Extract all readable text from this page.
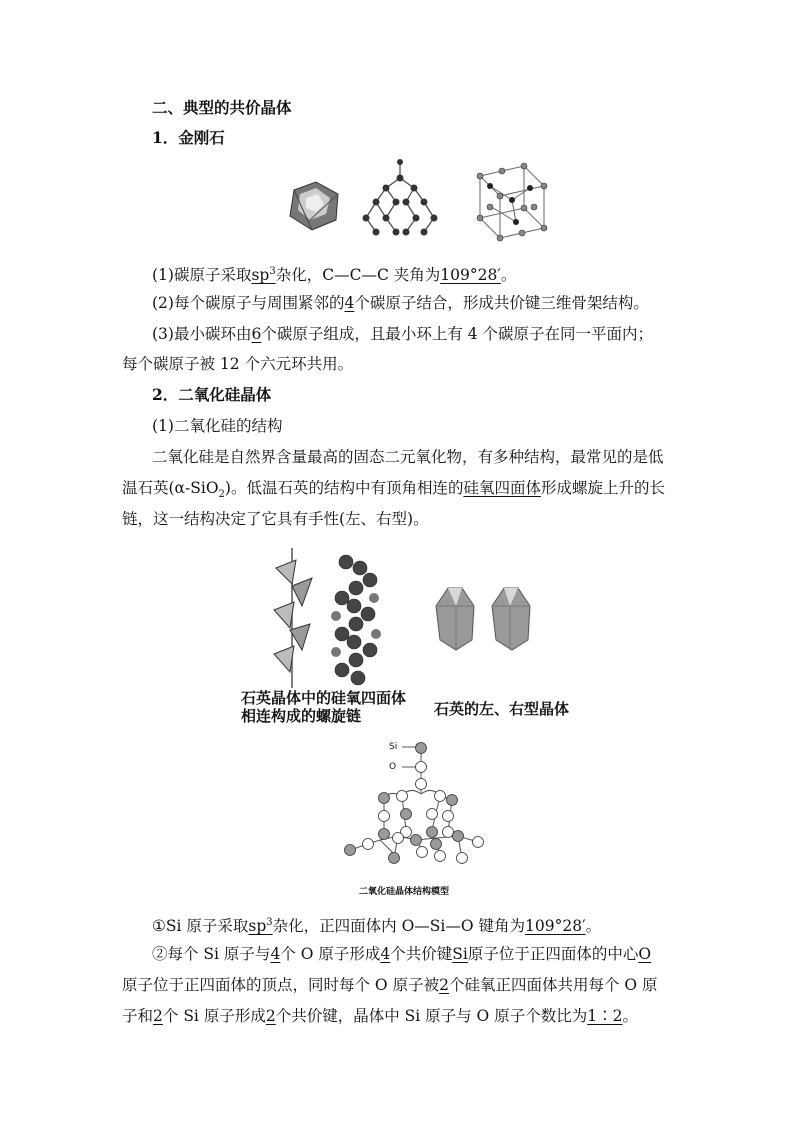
二、典型的共价晶体
1．金刚石
(1)碳原子采取$sp^3$杂化，C—C—C 夹角为109°28′。
(2)每个碳原子与周围紧邻的4个碳原子结合，形成共价键三维骨架结构。
(3)最小碳环由6个碳原子组成，且最小环上有 4 个碳原子在同一平面内；
每个碳原子被 12 个六元环共用。
2．二氧化硅晶体
(1)二氧化硅的结构
二氧化硅是自然界含量最高的固态二元氧化物，有多种结构，最常见的是低
温石英(α-SiO$_2$)。低温石英的结构中有顶角相连的硅氧四面体形成螺旋上升的长
链，这一结构决定了它具有手性(左、右型)。
石英晶体中的硅氧四面体
相连构成的螺旋链	石英的左、右型晶体
Si
O
二氧化硅晶体结构模型
①Si 原子采取$sp^3$杂化，正四面体内 O—Si—O 键角为109°28′。
②每个 Si 原子与4个 O 原子形成4个共价键Si原子位于正四面体的中心O
原子位于正四面体的顶点，同时每个 O 原子被2个硅氧正四面体共用每个 O 原
子和2个 Si 原子形成2个共价键，晶体中 Si 原子与 O 原子个数比为1∶2。
